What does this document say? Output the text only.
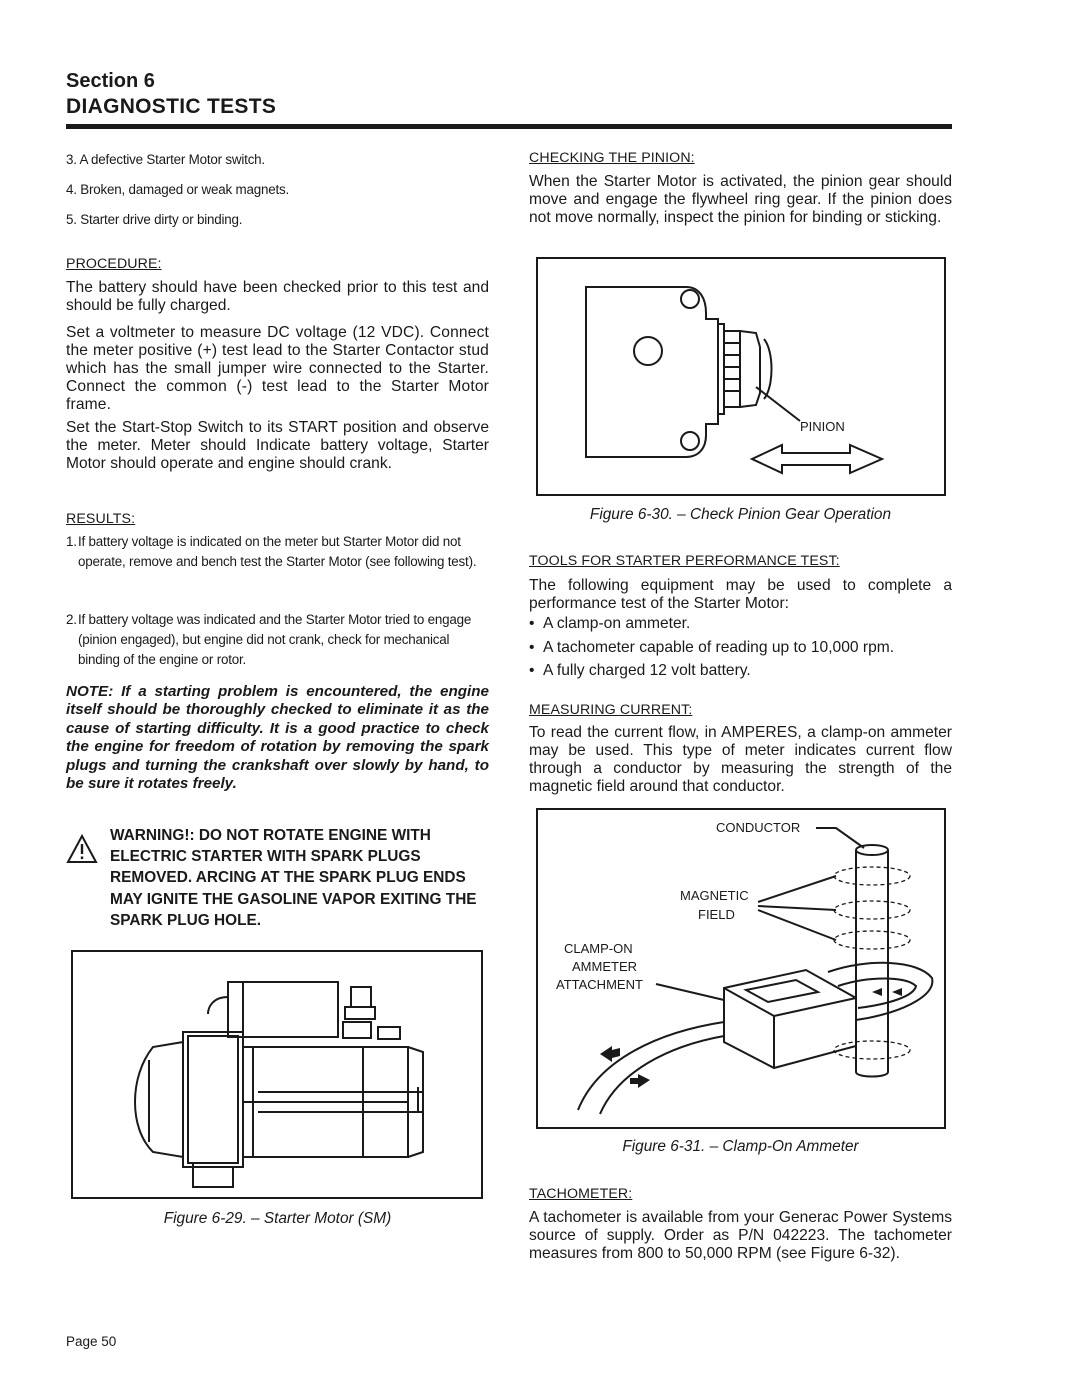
Section 6
DIAGNOSTIC TESTS
3. A defective Starter Motor switch.
4. Broken, damaged or weak magnets.
5. Starter drive dirty or binding.
PROCEDURE:
The battery should have been checked prior to this test and should be fully charged.
Set a voltmeter to measure DC voltage (12 VDC). Connect the meter positive (+) test lead to the Starter Contactor stud which has the small jumper wire connected to the Starter. Connect the common (-) test lead to the Starter Motor frame.
Set the Start-Stop Switch to its START position and observe the meter. Meter should Indicate battery voltage, Starter Motor should operate and engine should crank.
RESULTS:
1. If battery voltage is indicated on the meter but Starter Motor did not operate, remove and bench test the Starter Motor (see following test).
2. If battery voltage was indicated and the Starter Motor tried to engage (pinion engaged), but engine did not crank, check for mechanical binding of the engine or rotor.
NOTE: If a starting problem is encountered, the engine itself should be thoroughly checked to eliminate it as the cause of starting difficulty. It is a good practice to check the engine for freedom of rotation by removing the spark plugs and turning the crankshaft over slowly by hand, to be sure it rotates freely.
WARNING!: DO NOT ROTATE ENGINE WITH ELECTRIC STARTER WITH SPARK PLUGS REMOVED. ARCING AT THE SPARK PLUG ENDS MAY IGNITE THE GASOLINE VAPOR EXITING THE SPARK PLUG HOLE.
Figure 6-29. – Starter Motor (SM)
CHECKING THE PINION:
When the Starter Motor is activated, the pinion gear should move and engage the flywheel ring gear. If the pinion does not move normally, inspect the pinion for binding or sticking.
PINION
Figure 6-30. – Check Pinion Gear Operation
TOOLS FOR STARTER PERFORMANCE TEST:
The following equipment may be used to complete a performance test of the Starter Motor:
• A clamp-on ammeter.
• A tachometer capable of reading up to 10,000 rpm.
• A fully charged 12 volt battery.
MEASURING CURRENT:
To read the current flow, in AMPERES, a clamp-on ammeter may be used. This type of meter indicates current flow through a conductor by measuring the strength of the magnetic field around that conductor.
CONDUCTOR
MAGNETIC
FIELD
CLAMP-ON
AMMETER
ATTACHMENT
Figure 6-31. – Clamp-On Ammeter
TACHOMETER:
A tachometer is available from your Generac Power Systems source of supply. Order as P/N 042223. The tachometer measures from 800 to 50,000 RPM (see Figure 6-32).
Page 50
